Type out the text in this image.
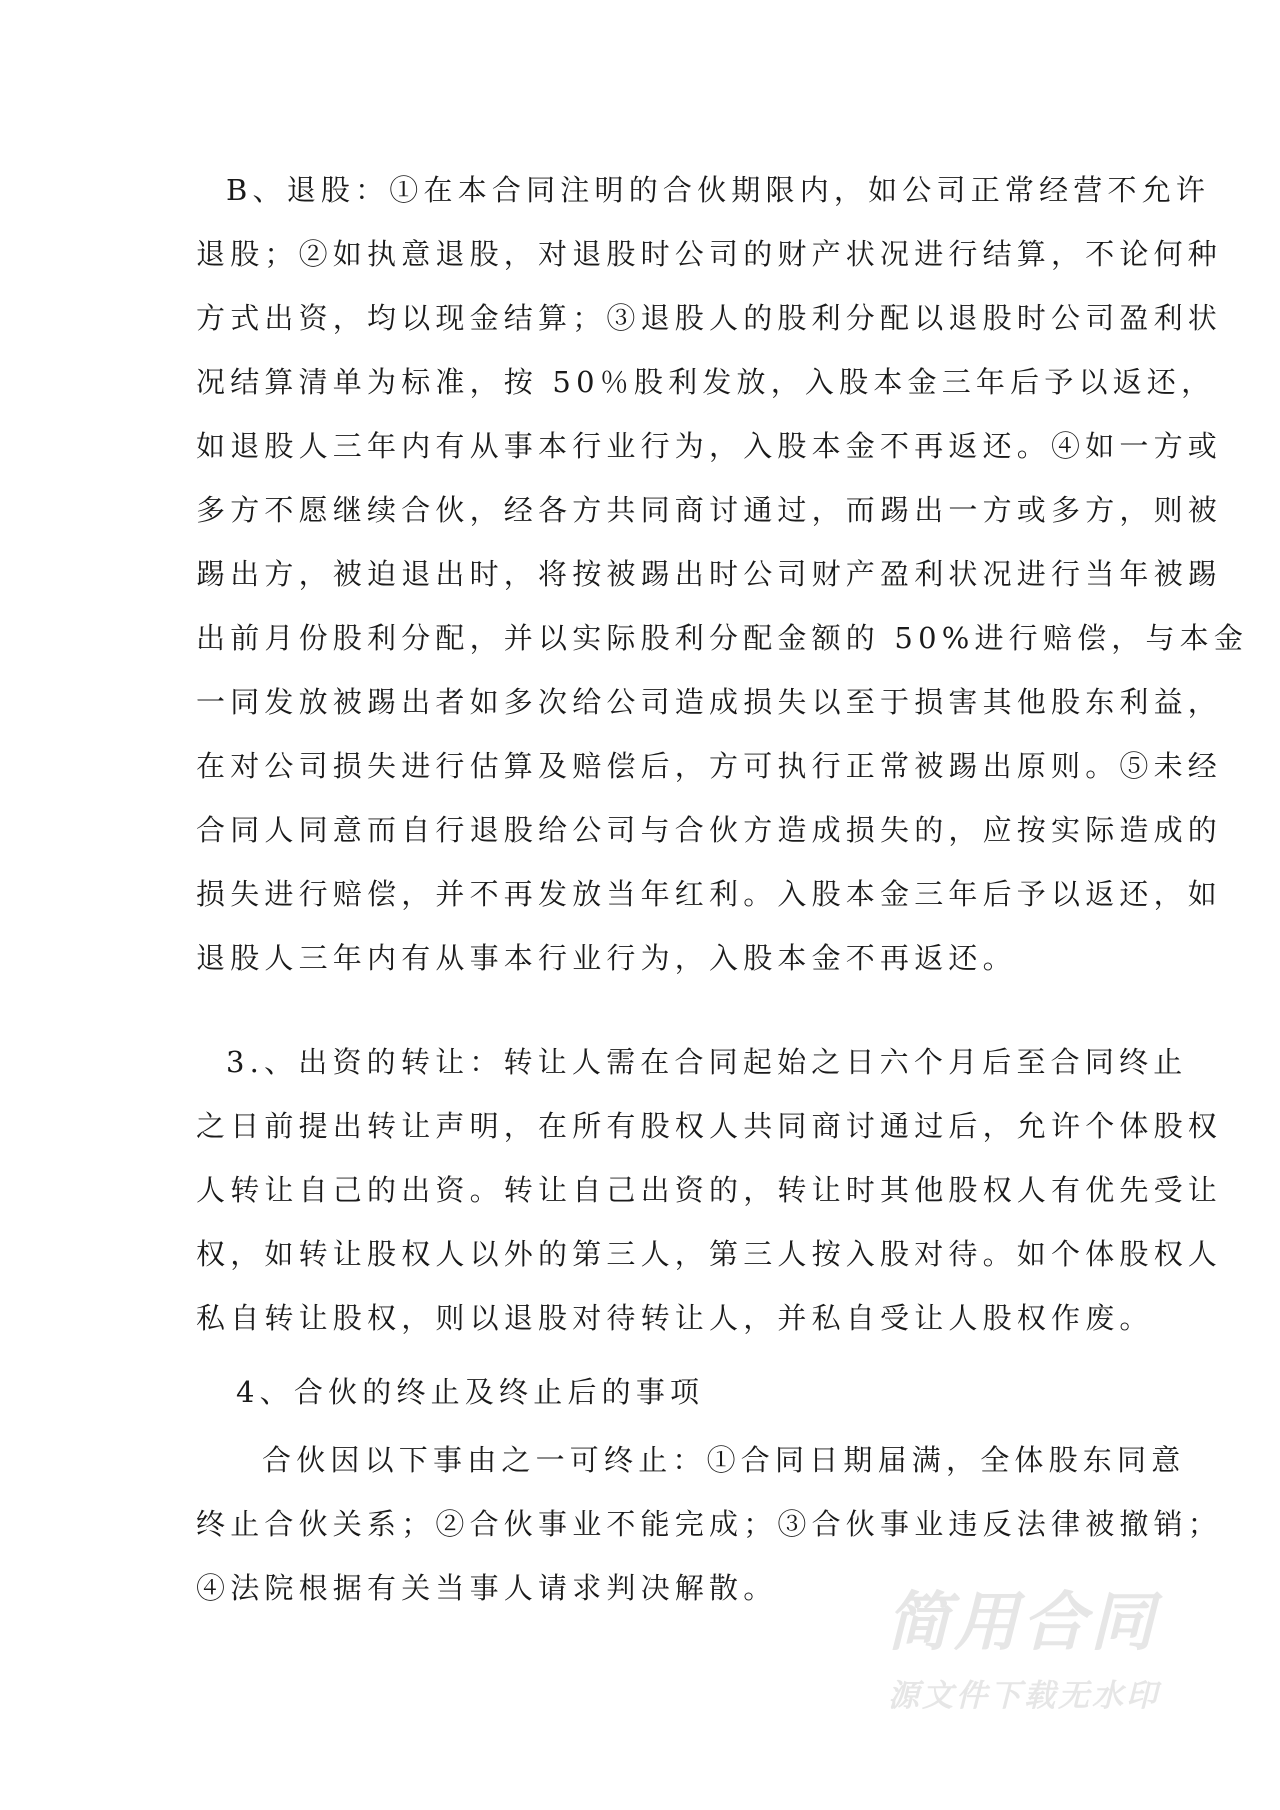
B、退股：①在本合同注明的合伙期限内，如公司正常经营不允许
退股；②如执意退股，对退股时公司的财产状况进行结算，不论何种
方式出资，均以现金结算；③退股人的股利分配以退股时公司盈利状
况结算清单为标准，按 50％股利发放，入股本金三年后予以返还，
如退股人三年内有从事本行业行为，入股本金不再返还。④如一方或
多方不愿继续合伙，经各方共同商讨通过，而踢出一方或多方，则被
踢出方，被迫退出时，将按被踢出时公司财产盈利状况进行当年被踢
出前月份股利分配，并以实际股利分配金额的 50%进行赔偿，与本金
一同发放被踢出者如多次给公司造成损失以至于损害其他股东利益，
在对公司损失进行估算及赔偿后，方可执行正常被踢出原则。⑤未经
合同人同意而自行退股给公司与合伙方造成损失的，应按实际造成的
损失进行赔偿，并不再发放当年红利。入股本金三年后予以返还，如
退股人三年内有从事本行业行为，入股本金不再返还。
3.、出资的转让：转让人需在合同起始之日六个月后至合同终止
之日前提出转让声明，在所有股权人共同商讨通过后，允许个体股权
人转让自己的出资。转让自己出资的，转让时其他股权人有优先受让
权，如转让股权人以外的第三人，第三人按入股对待。如个体股权人
私自转让股权，则以退股对待转让人，并私自受让人股权作废。
4、合伙的终止及终止后的事项
合伙因以下事由之一可终止：①合同日期届满，全体股东同意
终止合伙关系；②合伙事业不能完成；③合伙事业违反法律被撤销；
④法院根据有关当事人请求判决解散。	简用合同
源文件下载无水印
